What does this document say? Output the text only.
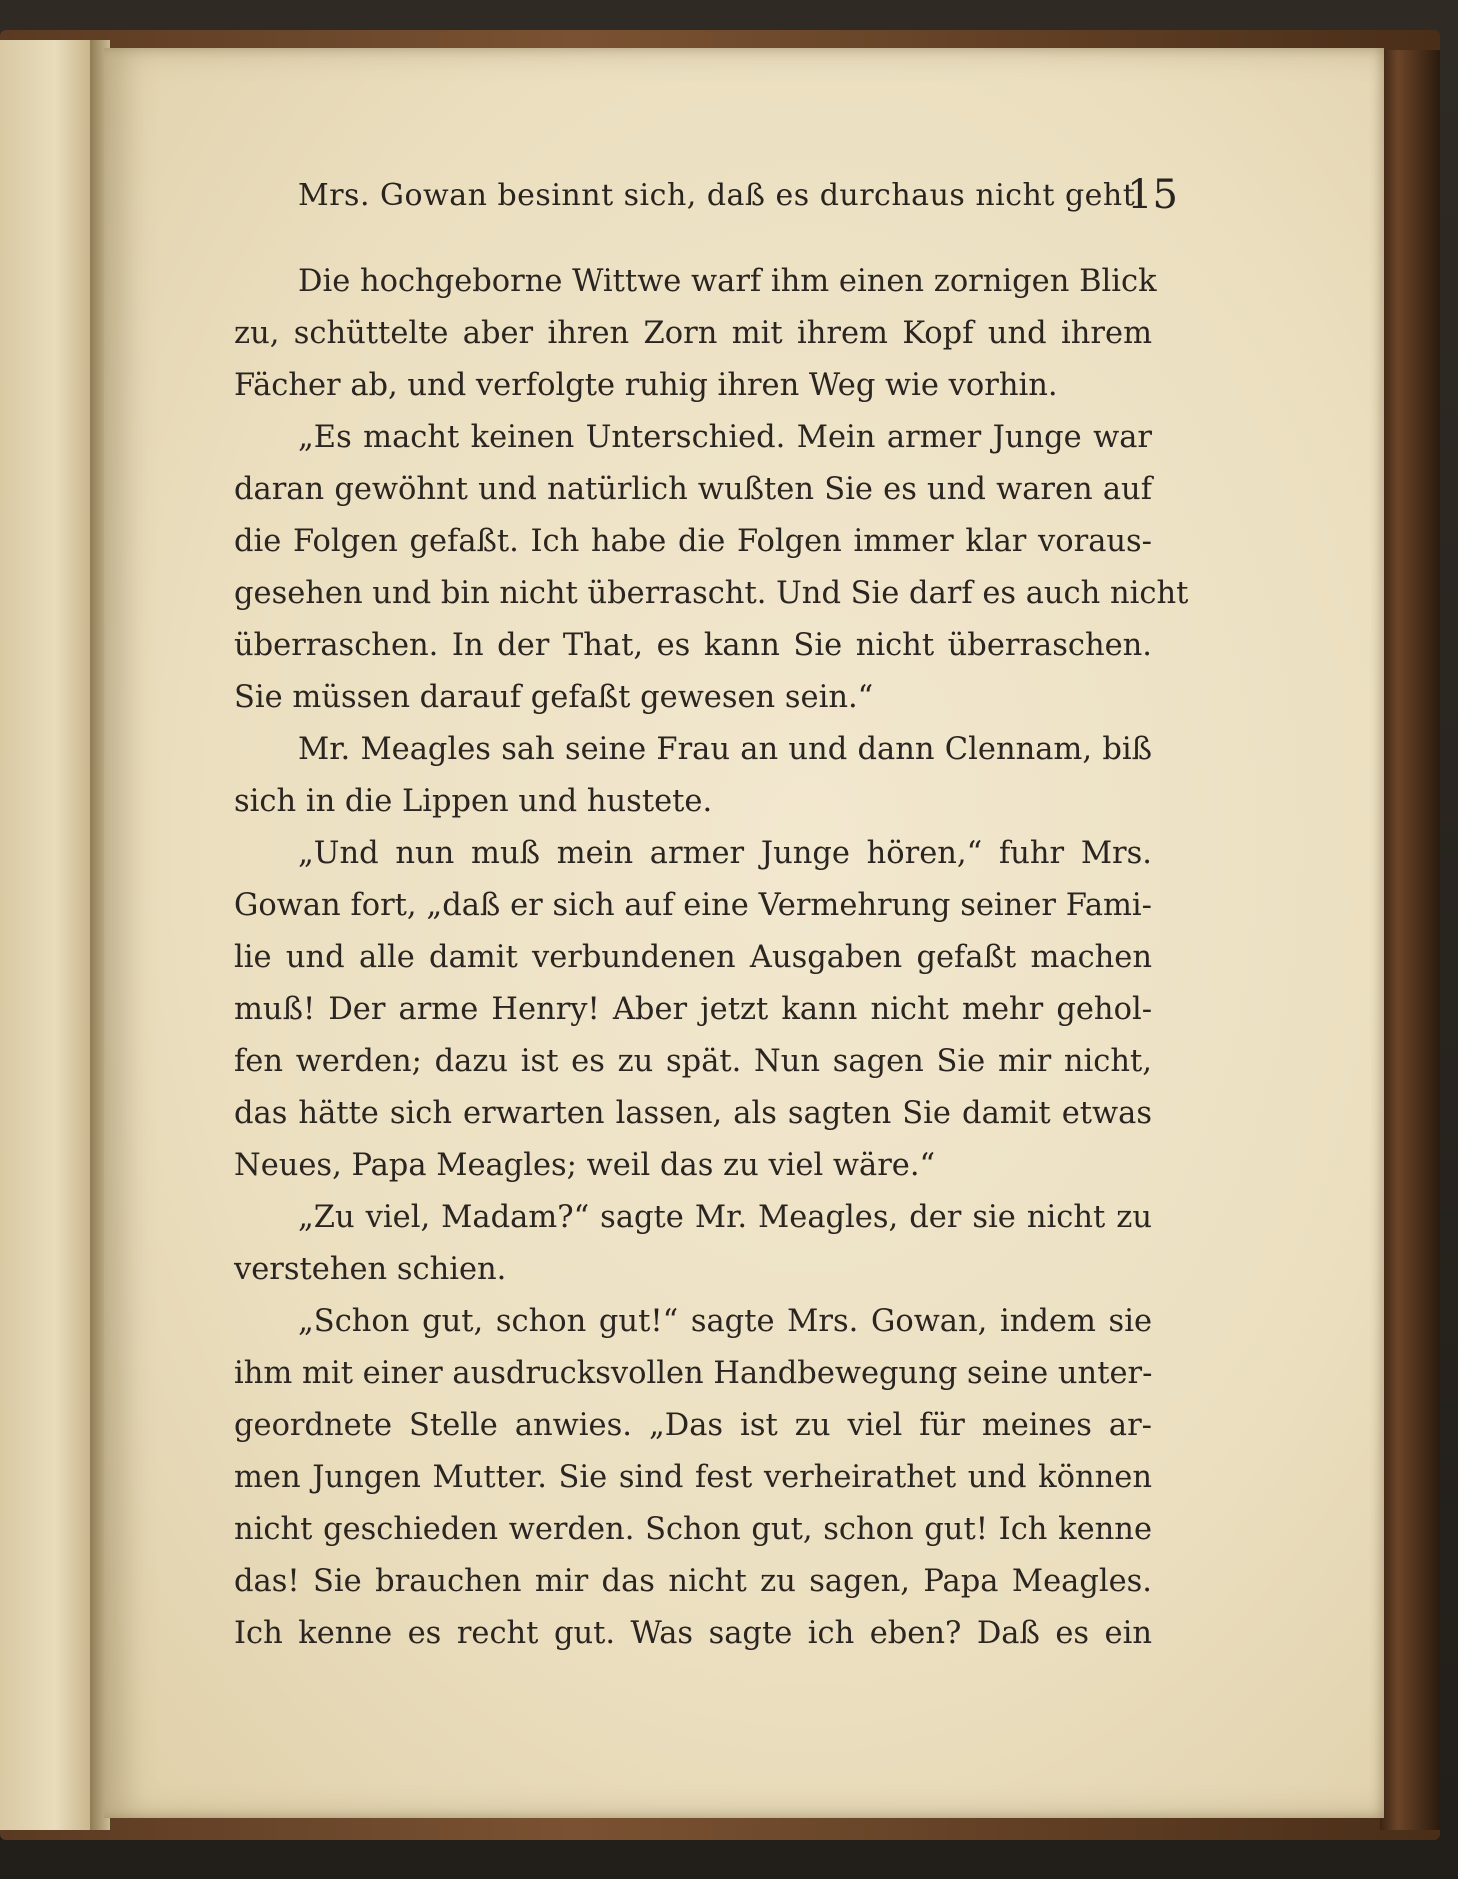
Mrs. Gowan besinnt sich, daß es durchaus nicht geht.
15
Die hochgeborne Wittwe warf ihm einen zornigen Blick
zu, schüttelte aber ihren Zorn mit ihrem Kopf und ihrem
Fächer ab, und verfolgte ruhig ihren Weg wie vorhin.
„Es macht keinen Unterschied. Mein armer Junge war
daran gewöhnt und natürlich wußten Sie es und waren auf
die Folgen gefaßt. Ich habe die Folgen immer klar voraus-
gesehen und bin nicht überrascht. Und Sie darf es auch nicht
überraschen. In der That, es kann Sie nicht überraschen.
Sie müssen darauf gefaßt gewesen sein.“
Mr. Meagles sah seine Frau an und dann Clennam, biß
sich in die Lippen und hustete.
„Und nun muß mein armer Junge hören,“ fuhr Mrs.
Gowan fort, „daß er sich auf eine Vermehrung seiner Fami-
lie und alle damit verbundenen Ausgaben gefaßt machen
muß! Der arme Henry! Aber jetzt kann nicht mehr gehol-
fen werden; dazu ist es zu spät. Nun sagen Sie mir nicht,
das hätte sich erwarten lassen, als sagten Sie damit etwas
Neues, Papa Meagles; weil das zu viel wäre.“
„Zu viel, Madam?“ sagte Mr. Meagles, der sie nicht zu
verstehen schien.
„Schon gut, schon gut!“ sagte Mrs. Gowan, indem sie
ihm mit einer ausdrucksvollen Handbewegung seine unter-
geordnete Stelle anwies. „Das ist zu viel für meines ar-
men Jungen Mutter. Sie sind fest verheirathet und können
nicht geschieden werden. Schon gut, schon gut! Ich kenne
das! Sie brauchen mir das nicht zu sagen, Papa Meagles.
Ich kenne es recht gut. Was sagte ich eben? Daß es ein
